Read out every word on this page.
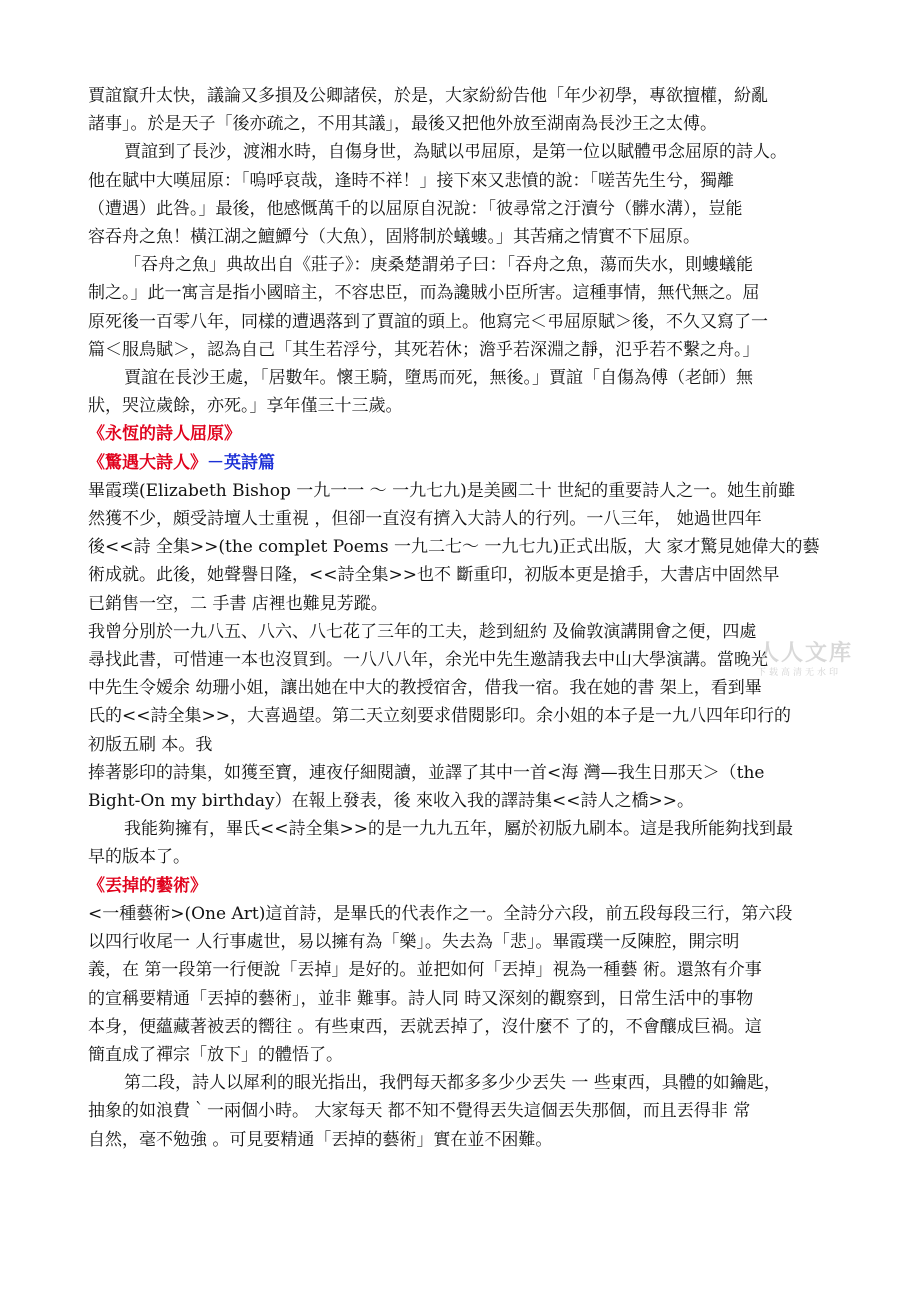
賈誼竄升太快，議論又多損及公卿諸侯，於是，大家紛紛告他「年少初學，專欲擅權，紛亂
諸事」。於是天子「後亦疏之，不用其議」，最後又把他外放至湖南為長沙王之太傅。
賈誼到了長沙，渡湘水時，自傷身世，為賦以弔屈原，是第一位以賦體弔念屈原的詩人。
他在賦中大嘆屈原：「嗚呼哀哉，逢時不祥！」接下來又悲憤的說：「嗟苦先生兮，獨離
（遭遇）此咎。」最後，他感慨萬千的以屈原自況說：「彼尋常之汙瀆兮（髒水溝），豈能
容吞舟之魚！橫江湖之鱣鱏兮（大魚），固將制於蟻螻。」其苦痛之情實不下屈原。
「吞舟之魚」典故出自《莊子》：庚桑楚謂弟子曰：「吞舟之魚，蕩而失水，則螻蟻能
制之。」此一寓言是指小國暗主，不容忠臣，而為讒賊小臣所害。這種事情，無代無之。屈
原死後一百零八年，同樣的遭遇落到了賈誼的頭上。他寫完＜弔屈原賦＞後，不久又寫了一
篇＜服鳥賦＞，認為自己「其生若浮兮，其死若休；澹乎若深淵之靜，氾乎若不繫之舟。」
賈誼在長沙王處，「居數年。懷王騎，墮馬而死，無後。」賈誼「自傷為傅（老師）無
狀，哭泣歲餘，亦死。」享年僅三十三歲。
《永恆的詩人屈原》
《驚遇大詩人》－英詩篇
畢霞璞(Elizabeth Bishop 一九一一 ～ 一九七九)是美國二十 世紀的重要詩人之一。她生前雖
然獲不少，頗受詩壇人士重視 ，但卻一直沒有擠入大詩人的行列。一八三年， 她過世四年
後<<詩 全集>>(the complet Poems 一九二七～ 一九七九)正式出版，大 家才驚見她偉大的藝
術成就。此後，她聲譽日隆，<<詩全集>>也不 斷重印，初版本更是搶手，大書店中固然早
已銷售一空，二 手書 店裡也難見芳蹤。
我曾分別於一九八五、八六、八七花了三年的工夫，趁到紐約 及倫敦演講開會之便，四處
尋找此書，可惜連一本也沒買到。一八八八年，余光中先生邀請我去中山大學演講。當晚光
中先生令嫒余 幼珊小姐，讓出她在中大的教授宿舍，借我一宿。我在她的書 架上，看到畢
氏的<<詩全集>>，大喜過望。第二天立刻要求借閱影印。余小姐的本子是一九八四年印行的
初版五刷 本。我
捧著影印的詩集，如獲至寶，連夜仔細閱讀，並譯了其中一首<海 灣—我生日那天＞（the
Bight-On my birthday）在報上發表，後 來收入我的譯詩集<<詩人之橋>>。
我能夠擁有，畢氏<<詩全集>>的是一九九五年，屬於初版九刷本。這是我所能夠找到最
早的版本了。
《丟掉的藝術》
<一種藝術>(One Art)這首詩，是畢氏的代表作之一。全詩分六段，前五段每段三行，第六段
以四行收尾一 人行事處世，易以擁有為「樂」。失去為「悲」。畢霞璞一反陳腔，開宗明
義，在 第一段第一行便說「丟掉」是好的。並把如何「丟掉」視為一種藝 術。還煞有介事
的宣稱要精通「丟掉的藝術」，並非 難事。詩人同 時又深刻的觀察到，日常生活中的事物
本身，便蘊藏著被丟的嚮往 。有些東西，丟就丟掉了，沒什麼不 了的，不會釀成巨禍。這
簡直成了禪宗「放下」的體悟了。
第二段，詩人以犀利的眼光指出，我們每天都多多少少丟失 一 些東西，具體的如鑰匙，
抽象的如浪費｀一兩個小時。 大家每天 都不知不覺得丟失這個丟失那個，而且丟得非 常
自然，毫不勉強 。可見要精通「丟掉的藝術」實在並不困難。
人人文库
下载高清无水印
